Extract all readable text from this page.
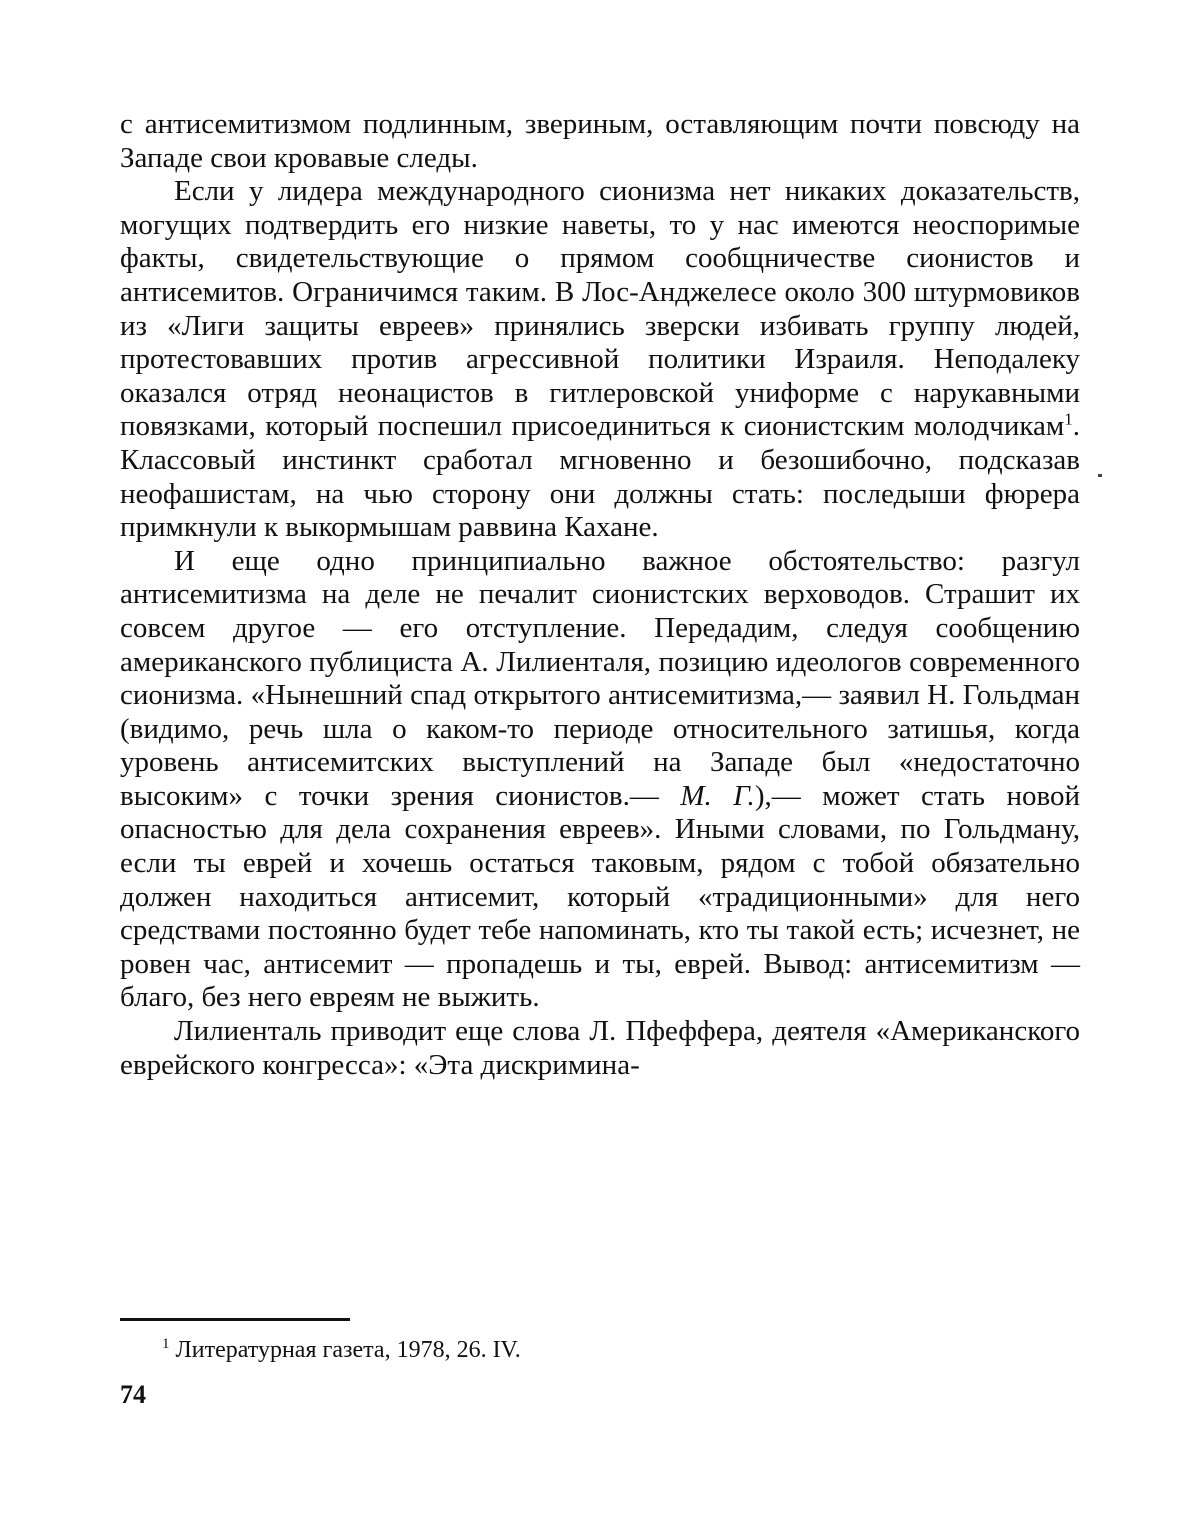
с антисемитизмом подлинным, звериным, оставляющим почти повсюду на Западе свои кровавые следы.

Если у лидера международного сионизма нет никаких доказательств, могущих подтвердить его низкие наветы, то у нас имеются неоспоримые факты, свидетельствующие о прямом сообщничестве сионистов и антисемитов. Ограничимся таким. В Лос-Анджелесе около 300 штурмовиков из «Лиги защиты евреев» принялись зверски избивать группу людей, протестовавших против агрессивной политики Израиля. Неподалеку оказался отряд неонацистов в гитлеровской униформе с нарукавными повязками, который поспешил присоединиться к сионистским молодчикам$^1$. Классовый инстинкт сработал мгновенно и безошибочно, подсказав неофашистам, на чью сторону они должны стать: последыши фюрера примкнули к выкормышам раввина Кахане.

И еще одно принципиально важное обстоятельство: разгул антисемитизма на деле не печалит сионистских верховодов. Страшит их совсем другое — его отступление. Передадим, следуя сообщению американского публициста А. Лилиенталя, позицию идеологов современного сионизма. «Нынешний спад открытого антисемитизма,— заявил Н. Гольдман (видимо, речь шла о каком-то периоде относительного затишья, когда уровень антисемитских выступлений на Западе был «недостаточно высоким» с точки зрения сионистов.— М. Г.),— может стать новой опасностью для дела сохранения евреев». Иными словами, по Гольдману, если ты еврей и хочешь остаться таковым, рядом с тобой обязательно должен находиться антисемит, который «традиционными» для него средствами постоянно будет тебе напоминать, кто ты такой есть; исчезнет, не ровен час, антисемит — пропадешь и ты, еврей. Вывод: антисемитизм — благо, без него евреям не выжить.

Лилиенталь приводит еще слова Л. Пфеффера, деятеля «Американского еврейского конгресса»: «Эта дискримина-

$^1$ Литературная газета, 1978, 26. IV.
74
